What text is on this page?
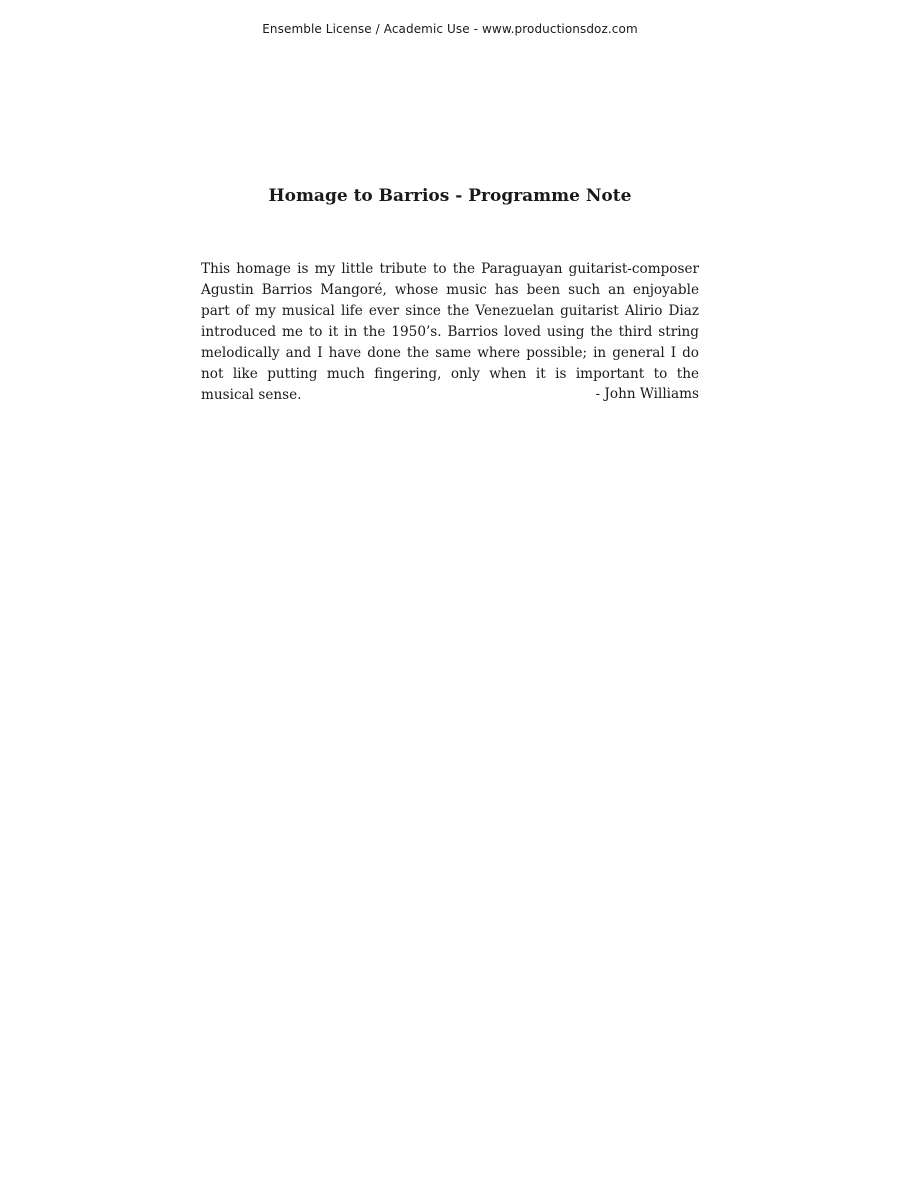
Ensemble License / Academic Use - www.productionsdoz.com
Homage to Barrios - Programme Note

This homage is my little tribute to the Paraguayan guitarist-composer Agustin Barrios Mangoré, whose music has been such an enjoyable part of my musical life ever since the Venezuelan guitarist Alirio Diaz introduced me to it in the 1950’s. Barrios loved using the third string melodically and I have done the same where possible; in general I do not like putting much fingering, only when it is important to the musical sense.	- John Williams
